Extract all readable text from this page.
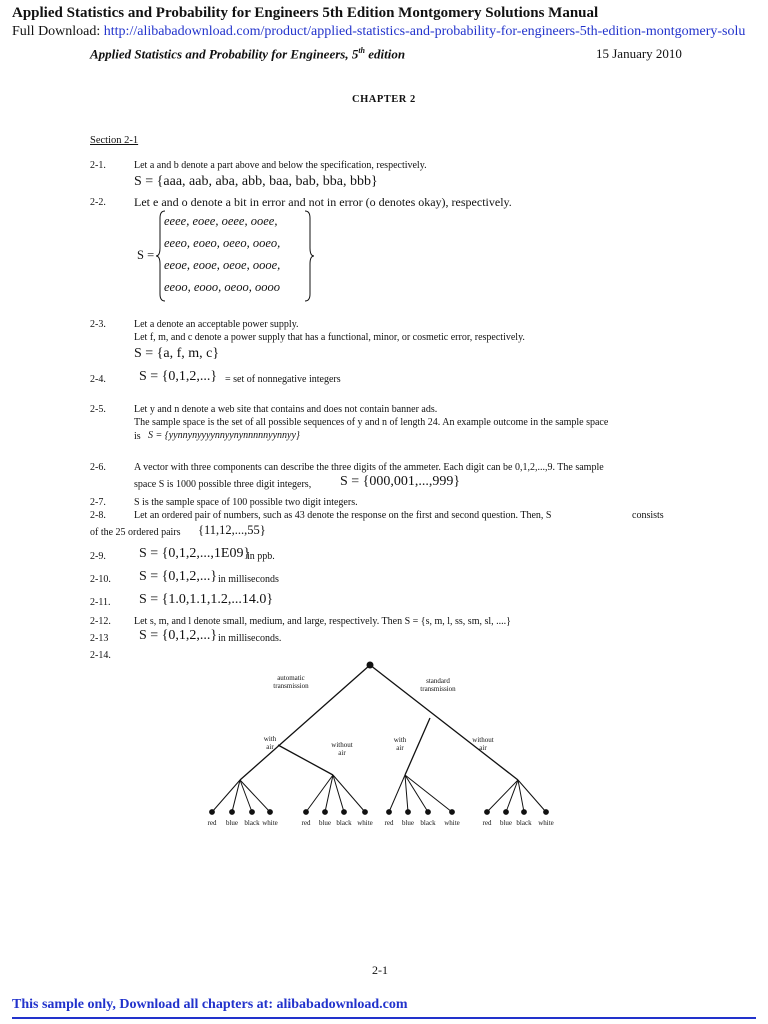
Applied Statistics and Probability for Engineers 5th Edition Montgomery Solutions Manual
Full Download: http://alibabadownload.com/product/applied-statistics-and-probability-for-engineers-5th-edition-montgomery-solu
Applied Statistics and Probability for Engineers, 5th edition	15 January 2010
CHAPTER 2
Section 2-1
2-1.	Let a and b denote a part above and below the specification, respectively.
S = {aaa, aab, aba, abb, baa, bab, bba, bbb}
2-2. Let e and o denote a bit in error and not in error (o denotes okay), respectively.
S =
eeee, eoee, oeee, ooee,
eeeo, eoeo, oeeo, ooeo,
eeoe, eooe, oeoe, oooe,
eeoo, eooo, oeoo, oooo
2-3.	Let a denote an acceptable power supply.
Let f, m, and c denote a power supply that has a functional, minor, or cosmetic error, respectively.
S = {a, f, m, c}
2-4. S = {0,1,2,...} = set of nonnegative integers
2-5.	Let y and n denote a web site that contains and does not contain banner ads.
The sample space is the set of all possible sequences of y and n of length 24. An example outcome in the sample space
is S = {yynnynyyyynnyynynnnnnyynnyy}
2-6.	A vector with three components can describe the three digits of the ammeter. Each digit can be 0,1,2,...,9. The sample
space S is 1000 possible three digit integers, S = {000,001,...,999}
2-7.	S is the sample space of 100 possible two digit integers.
2-8.	Let an ordered pair of numbers, such as 43 denote the response on the first and second question. Then, S	consists
of the 25 ordered pairs {11,12,...,55}
2-9. S = {0,1,2,...,1E09}
in ppb.
2-10. S = {0,1,2,...} in milliseconds
2-11. S = {1.0,1.1,1.2,...14.0}
2-12. Let s, m, and l denote small, medium, and large, respectively. Then S = {s, m, l, ss, sm, sl, ....}
2-13 S = {0,1,2,...} in milliseconds.
2-14.
automatic
transmission
standard
transmission
with
air	without
air
with
air
without
air
red blue black white	red blue black white red blue black white	red blue black white
2-1
This sample only, Download all chapters at: alibabadownload.com
